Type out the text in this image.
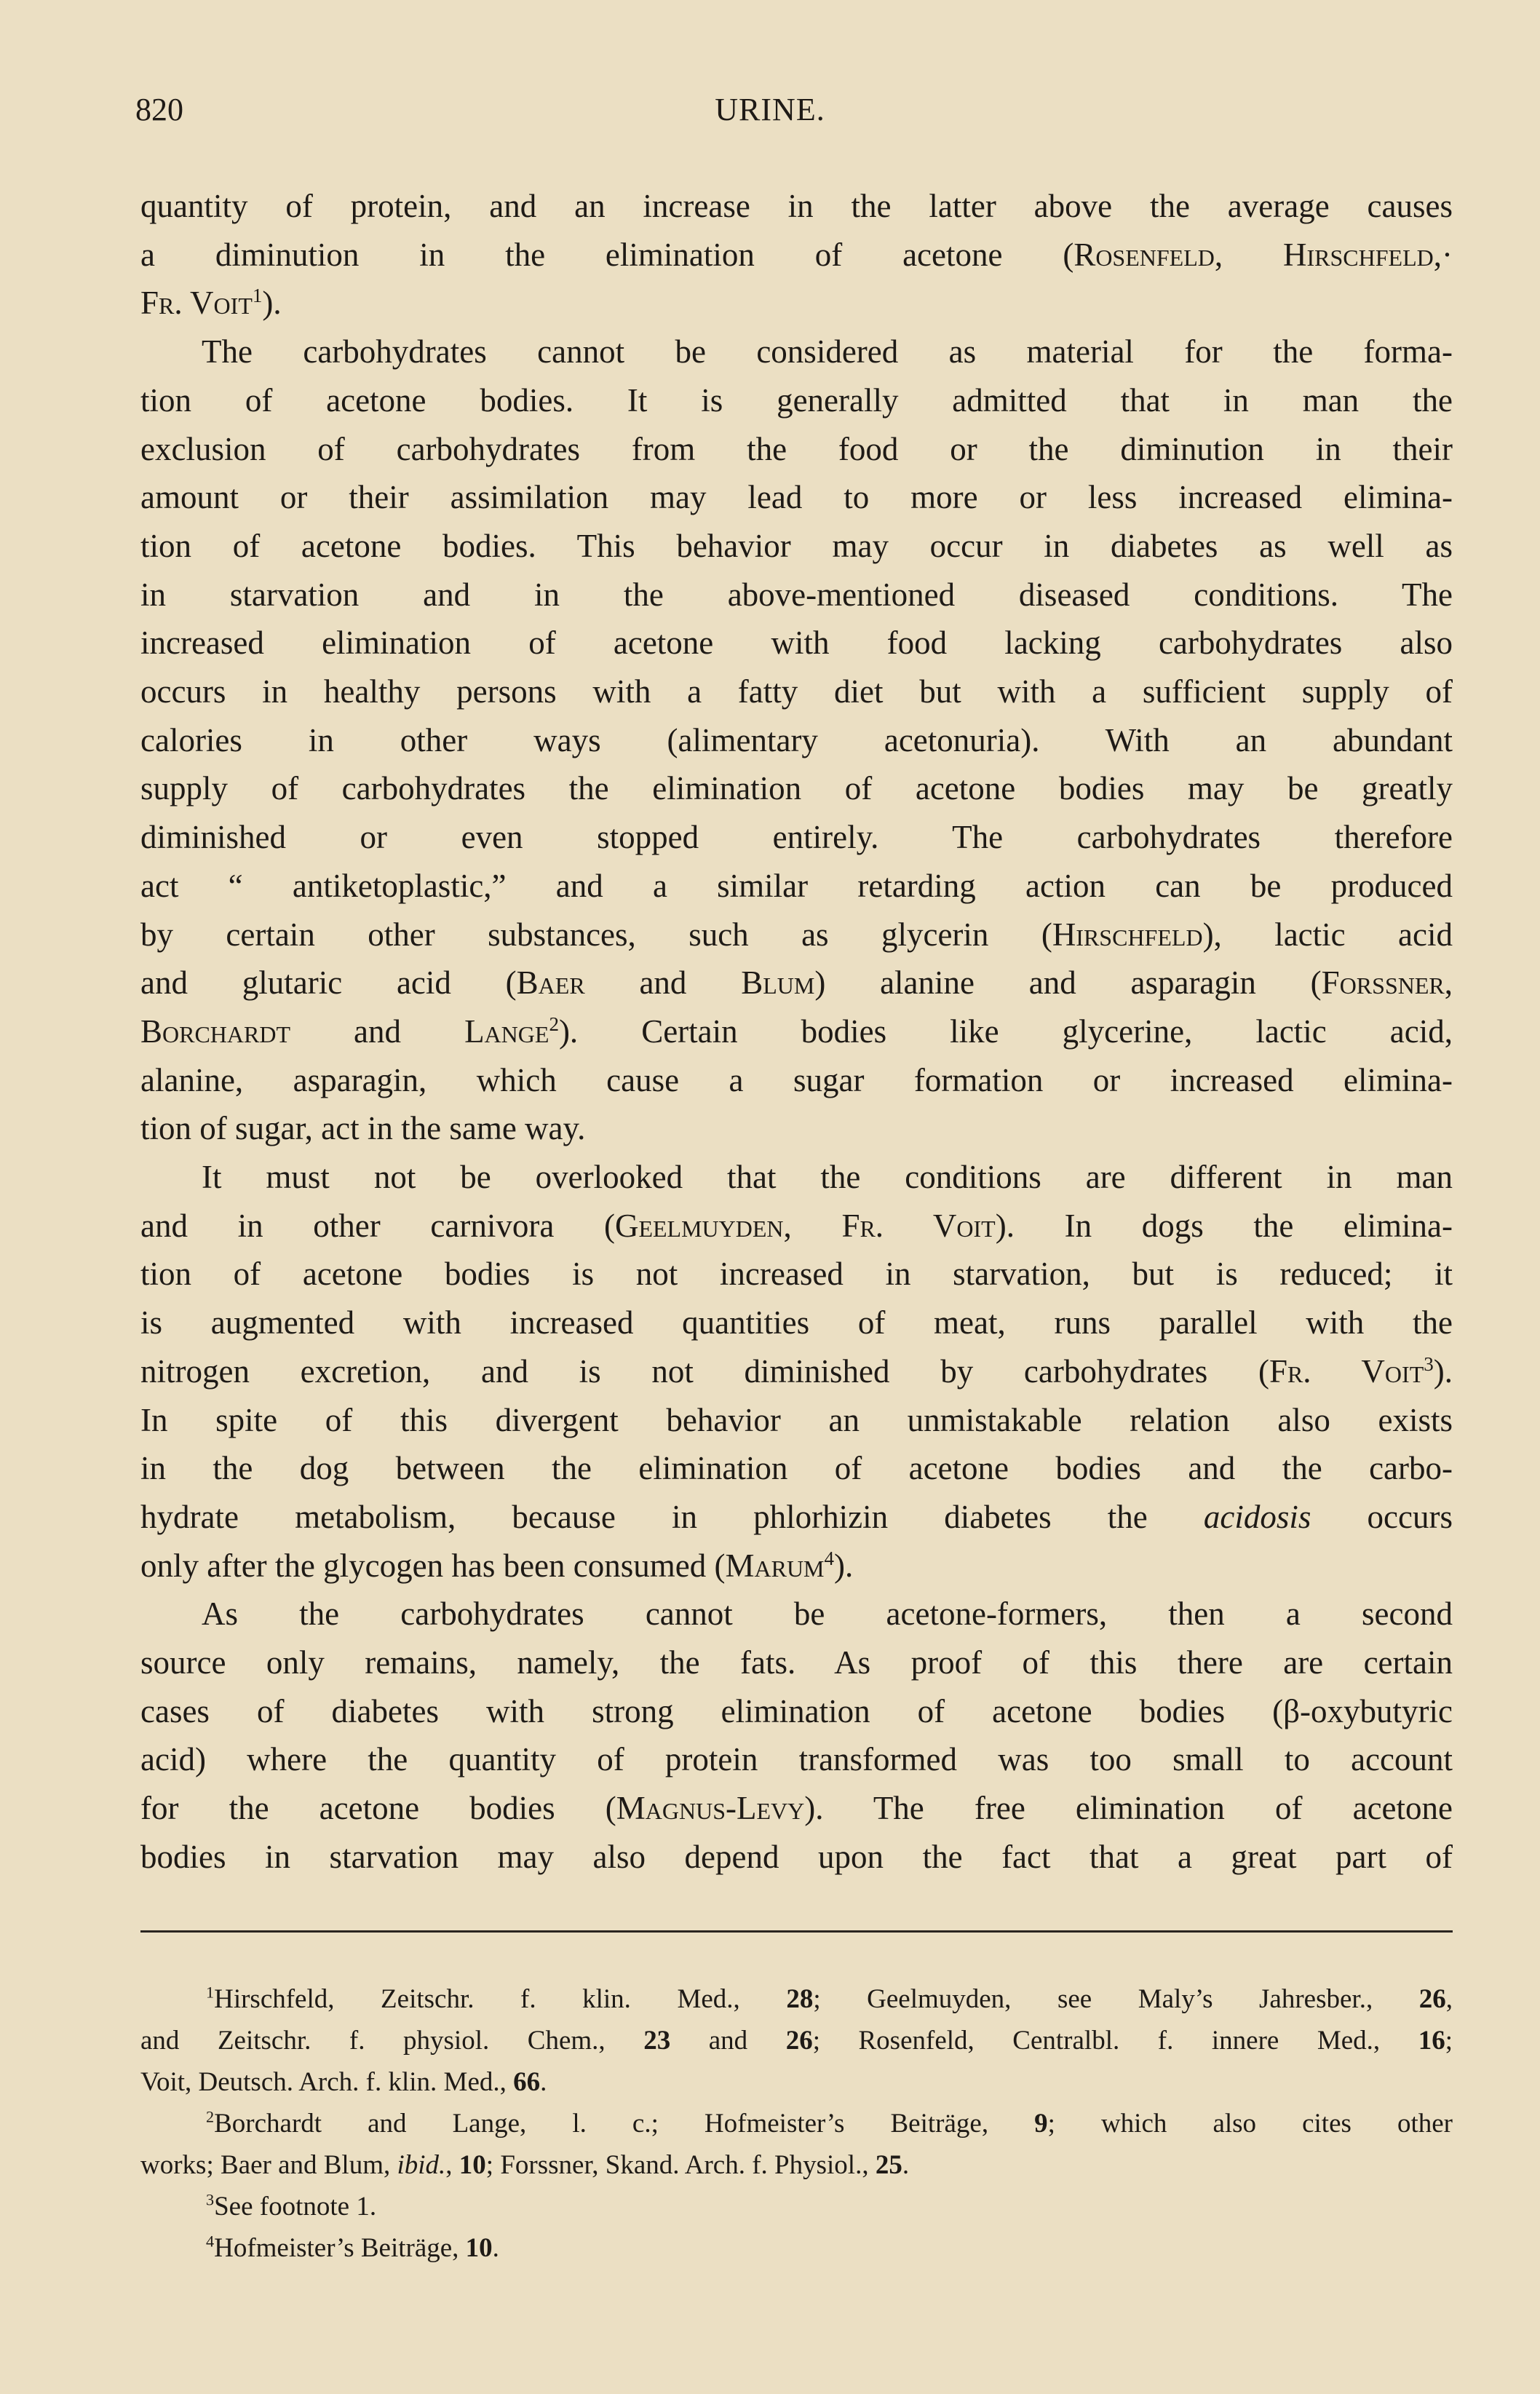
820	URINE.
quantity of protein, and an increase in the latter above the average causes
a diminution in the elimination of acetone (Rosenfeld, Hirschfeld,·
Fr. Voit$^1$).
The carbohydrates cannot be considered as material for the forma-
tion of acetone bodies. It is generally admitted that in man the
exclusion of carbohydrates from the food or the diminution in their
amount or their assimilation may lead to more or less increased elimina-
tion of acetone bodies. This behavior may occur in diabetes as well as
in starvation and in the above-mentioned diseased conditions. The
increased elimination of acetone with food lacking carbohydrates also
occurs in healthy persons with a fatty diet but with a sufficient supply of
calories in other ways (alimentary acetonuria). With an abundant
supply of carbohydrates the elimination of acetone bodies may be greatly
diminished or even stopped entirely. The carbohydrates therefore
act “ antiketoplastic,” and a similar retarding action can be produced
by certain other substances, such as glycerin (Hirschfeld), lactic acid
and glutaric acid (Baer and Blum) alanine and asparagin (Forssner,
Borchardt and Lange$^2$). Certain bodies like glycerine, lactic acid,
alanine, asparagin, which cause a sugar formation or increased elimina-
tion of sugar, act in the same way.
It must not be overlooked that the conditions are different in man
and in other carnivora (Geelmuyden, Fr. Voit). In dogs the elimina-
tion of acetone bodies is not increased in starvation, but is reduced; it
is augmented with increased quantities of meat, runs parallel with the
nitrogen excretion, and is not diminished by carbohydrates (Fr. Voit$^3$).
In spite of this divergent behavior an unmistakable relation also exists
in the dog between the elimination of acetone bodies and the carbo-
hydrate metabolism, because in phlorhizin diabetes the acidosis occurs
only after the glycogen has been consumed (Marum$^4$).
As the carbohydrates cannot be acetone-formers, then a second
source only remains, namely, the fats. As proof of this there are certain
cases of diabetes with strong elimination of acetone bodies (β-oxybutyric
acid) where the quantity of protein transformed was too small to account
for the acetone bodies (Magnus-Levy). The free elimination of acetone
bodies in starvation may also depend upon the fact that a great part of
$^1$Hirschfeld, Zeitschr. f. klin. Med., 28; Geelmuyden, see Maly’s Jahresber., 26,
and Zeitschr. f. physiol. Chem., 23 and 26; Rosenfeld, Centralbl. f. innere Med., 16;
Voit, Deutsch. Arch. f. klin. Med., 66.
$^2$Borchardt and Lange, l. c.; Hofmeister’s Beiträge, 9; which also cites other
works; Baer and Blum, ibid., 10; Forssner, Skand. Arch. f. Physiol., 25.
$^3$See footnote 1.
$^4$Hofmeister’s Beiträge, 10.
